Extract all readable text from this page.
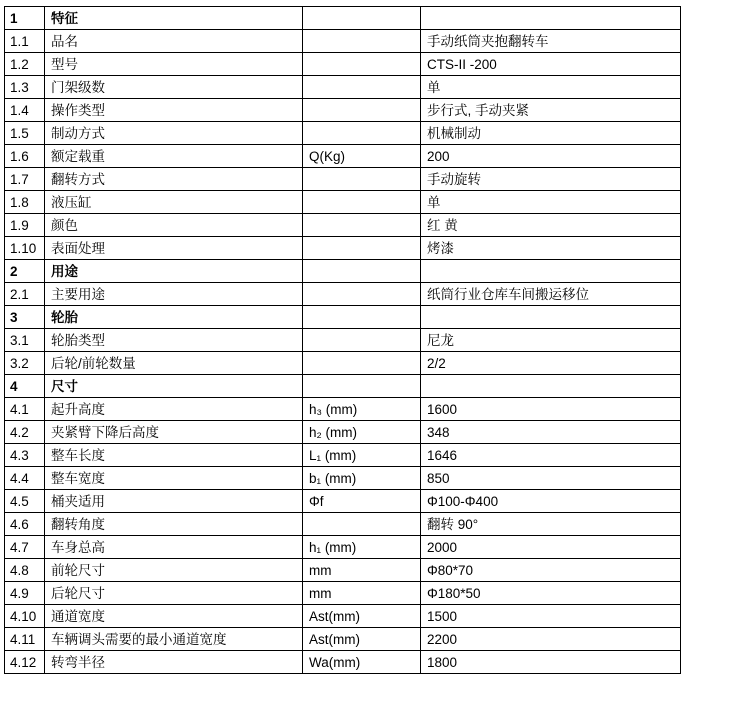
1	特征		
1.1	品名		手动纸筒夹抱翻转车
1.2	型号		CTS-II -200
1.3	门架级数		单
1.4	操作类型		步行式, 手动夹紧
1.5	制动方式		机械制动
1.6	额定载重	Q(Kg)	200
1.7	翻转方式		手动旋转
1.8	液压缸		单
1.9	颜色		红 黄
1.10	表面处理		烤漆
2	用途		
2.1	主要用途		纸筒行业仓库车间搬运移位
3	轮胎		
3.1	轮胎类型		尼龙
3.2	后轮/前轮数量		2/2
4	尺寸		
4.1	起升高度	h₃ (mm)	1600
4.2	夹紧臂下降后高度	h₂ (mm)	348
4.3	整车长度	L₁ (mm)	1646
4.4	整车宽度	b₁ (mm)	850
4.5	桶夹适用	Φf	Φ100-Φ400
4.6	翻转角度		翻转 90°
4.7	车身总高	h₁ (mm)	2000
4.8	前轮尺寸	mm	Φ80*70
4.9	后轮尺寸	mm	Φ180*50
4.10	通道宽度	Ast(mm)	1500
4.11	车辆调头需要的最小通道宽度	Ast(mm)	2200
4.12	转弯半径	Wa(mm)	1800
